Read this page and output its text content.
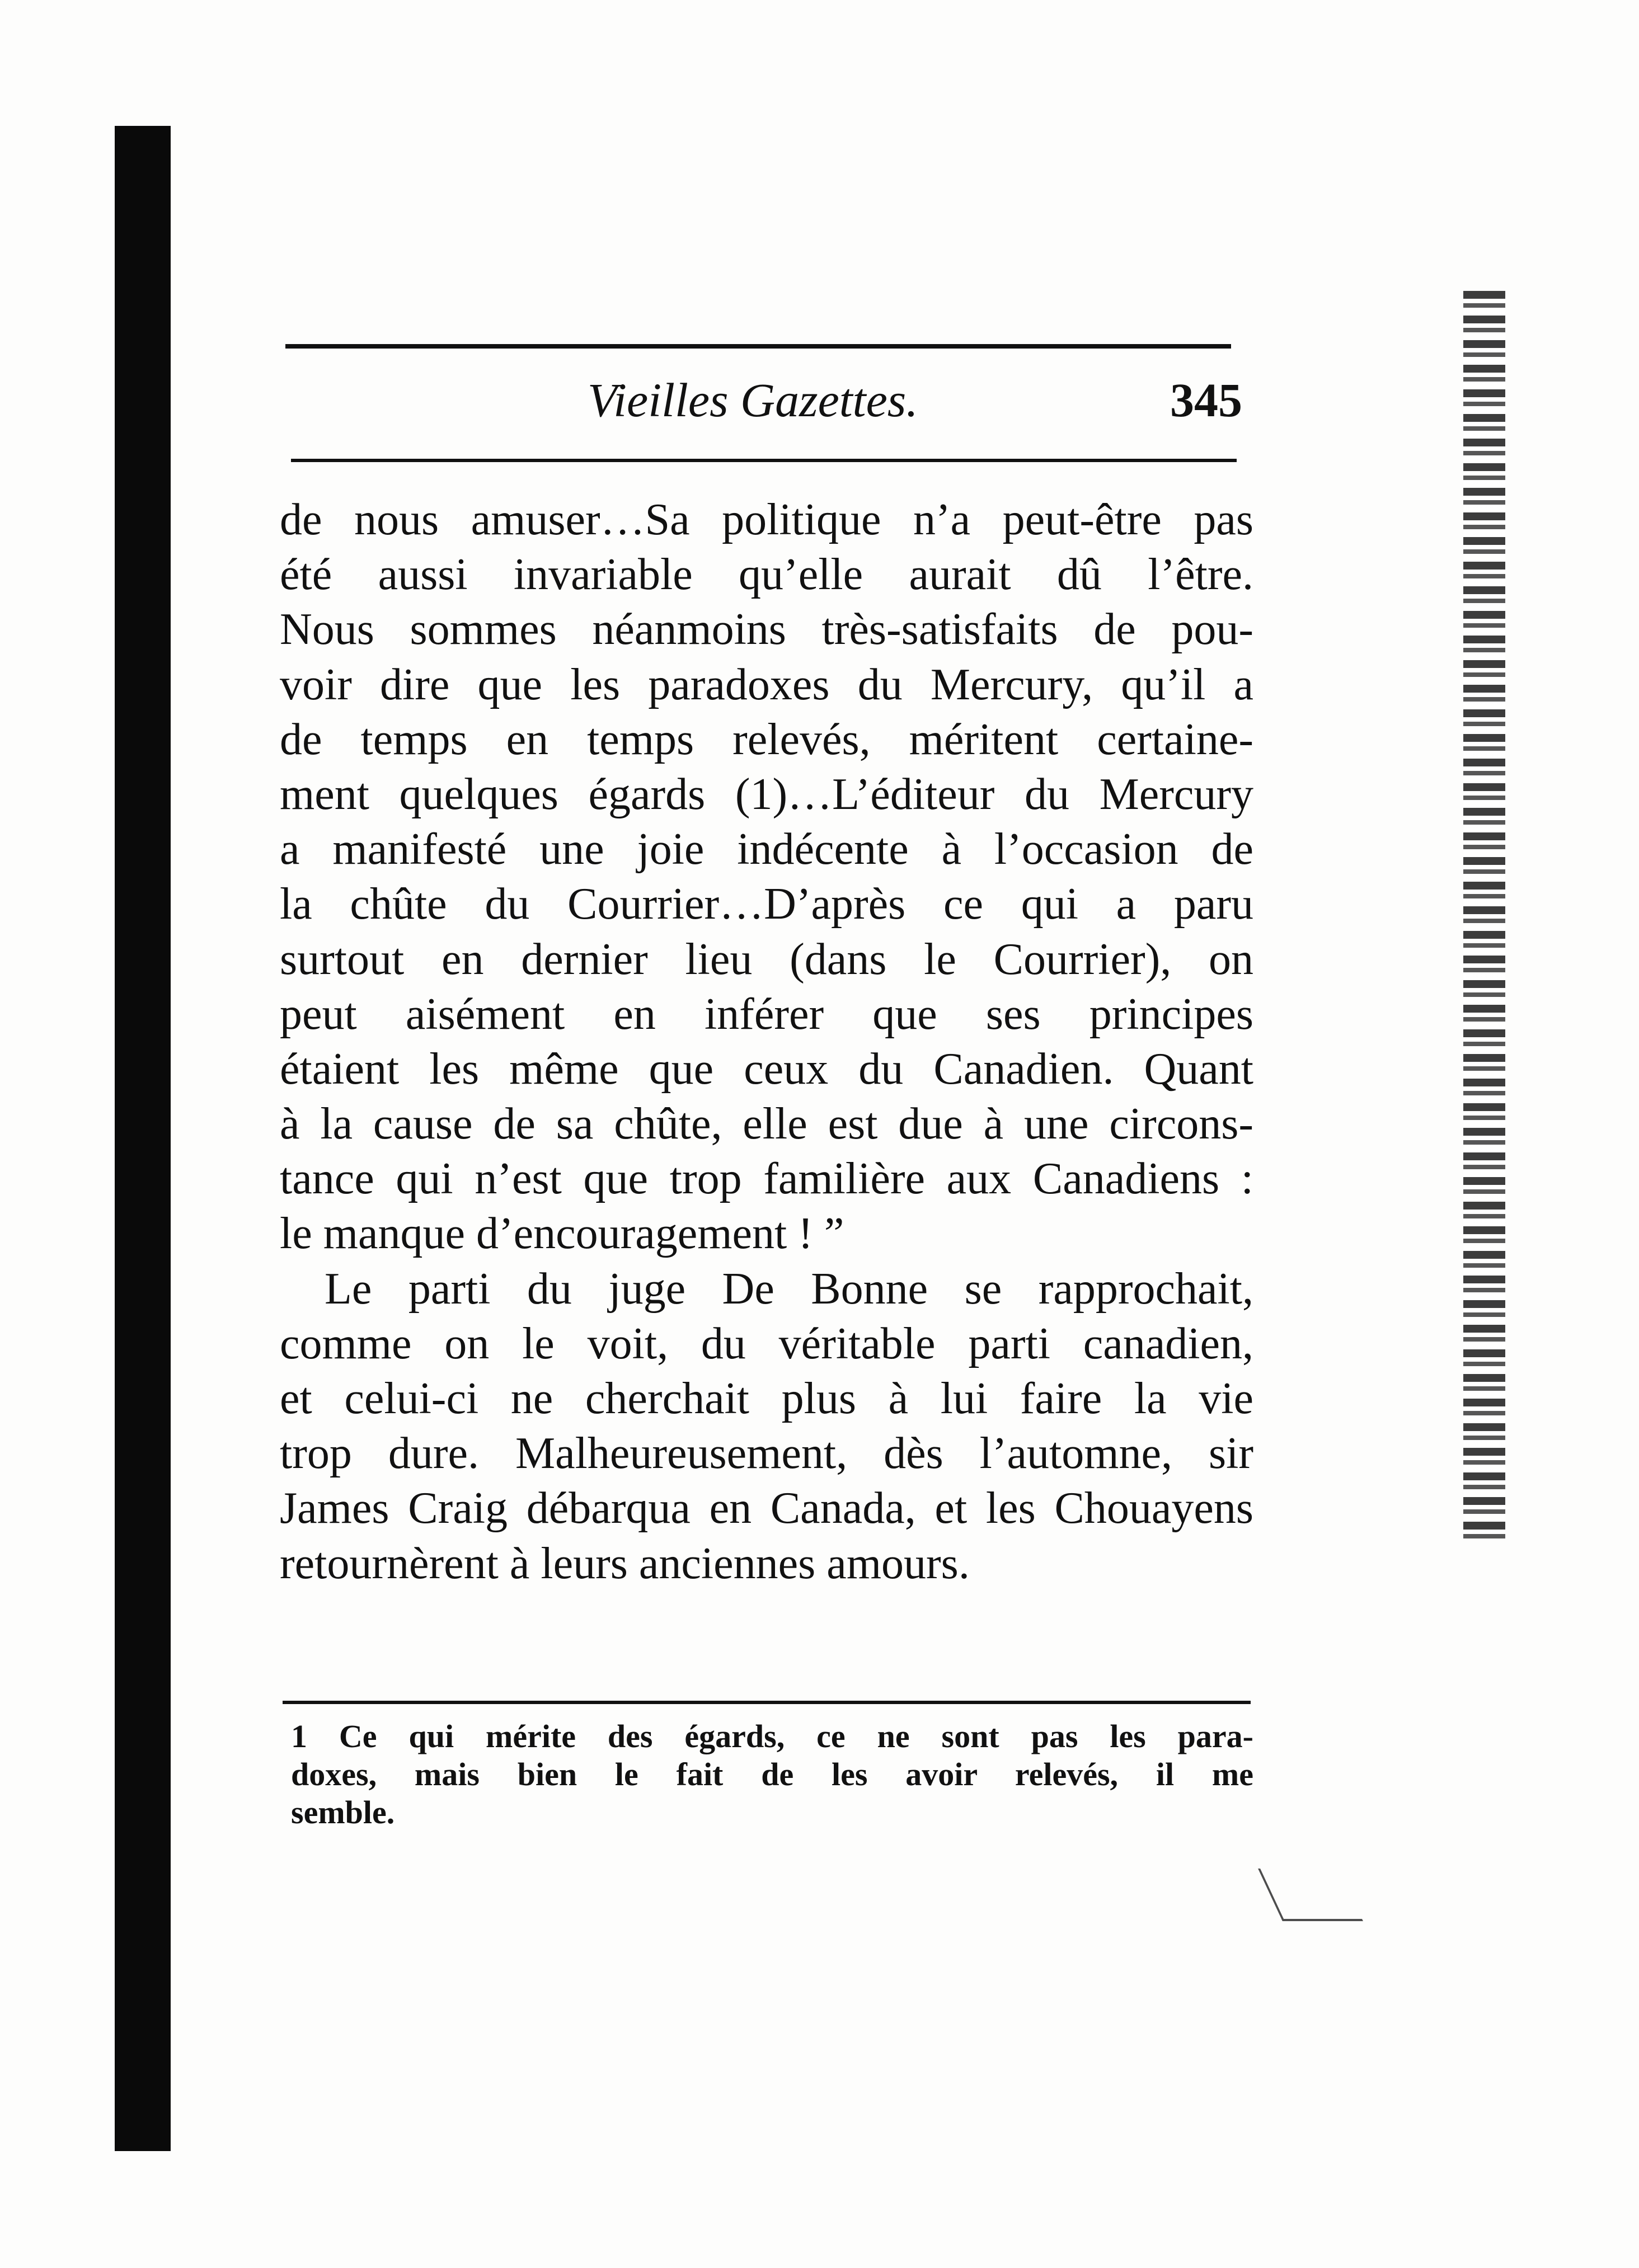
Vieilles Gazettes.	345
de nous amuser…Sa politique n’a peut-être pas
été aussi invariable qu’elle aurait dû l’être.
Nous sommes néanmoins très-satisfaits de pou-
voir dire que les paradoxes du Mercury, qu’il a
de temps en temps relevés, méritent certaine-
ment quelques égards (1)…L’éditeur du Mercury
a manifesté une joie indécente à l’occasion de
la chûte du Courrier…D’après ce qui a paru
surtout en dernier lieu (dans le Courrier), on
peut aisément en inférer que ses principes
étaient les même que ceux du Canadien. Quant
à la cause de sa chûte, elle est due à une circons-
tance qui n’est que trop familière aux Canadiens :
le manque d’encouragement ! ”
Le parti du juge De Bonne se rapprochait,
comme on le voit, du véritable parti canadien,
et celui-ci ne cherchait plus à lui faire la vie
trop dure. Malheureusement, dès l’automne, sir
James Craig débarqua en Canada, et les Chouayens
retournèrent à leurs anciennes amours.
1 Ce qui mérite des égards, ce ne sont pas les para-
doxes, mais bien le fait de les avoir relevés, il me
semble.
